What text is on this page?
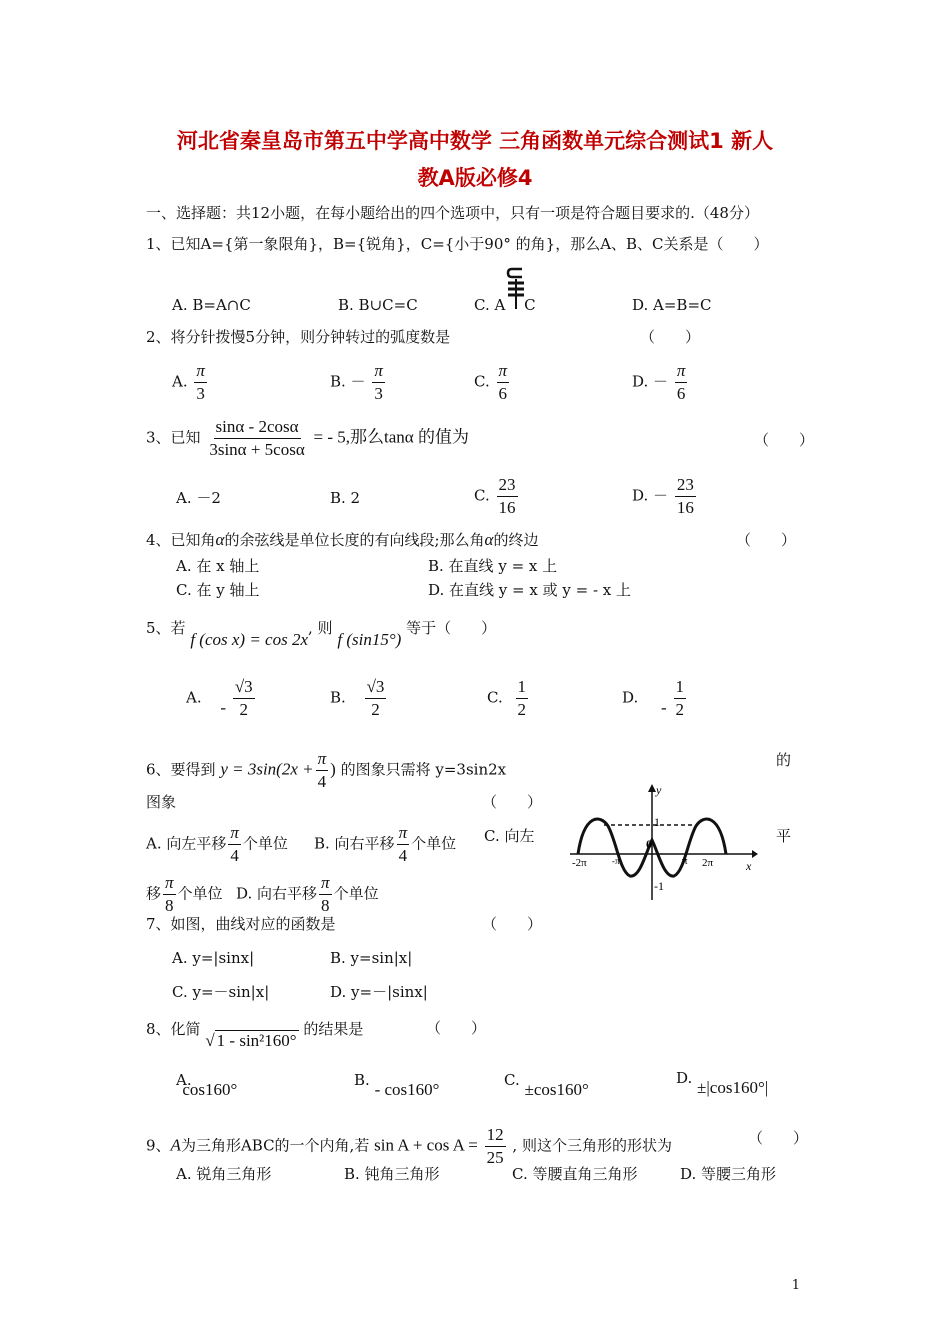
河北省秦皇岛市第五中学高中数学 三角函数单元综合测试1 新人
教A版必修4
一、选择题：共12小题，在每小题给出的四个选项中，只有一项是符合题目要求的.（48分）
1、已知A={第一象限角}，B={锐角}，C={小于90° 的角}，那么A、B、C关系是（　　）
A. B=A∩C	B. B∪C=C	C. A C	D. A=B=C
2、将分针拨慢5分钟，则分钟转过的弧度数是	（　　）
A. $\frac{\pi}{3}$	B. － $\frac{\pi}{3}$	C. $\frac{\pi}{6}$	D. － $\frac{\pi}{6}$
3、已知 $\frac{\sin\alpha - 2\cos\alpha}{3\sin\alpha + 5\cos\alpha}$ = - 5,那么tanα 的值为	（　　）
A. －2	B. 2	C. $\frac{23}{16}$	D. － $\frac{23}{16}$
4、已知角α的余弦线是单位长度的有向线段;那么角α的终边	（　　）
A. 在 x 轴上	B. 在直线 y = x 上
C. 在 y 轴上	D. 在直线 y = x 或 y = - x 上
5、若 f (cos x) = cos 2x, 则 f (sin15°) 等于（　　）
A. - $\frac{√3}{2}$	B. $\frac{√3}{2}$	C. $\frac{1}{2}$	D. - $\frac{1}{2}$
6、要得到 $y = 3\sin(2x + \frac{\pi}{4}$ ) 的图象只需将 y=3sin2x
的
图象	（　　）
A. 向左平移 $\frac{\pi}{4}$ 个单位 B. 向右平移 $\frac{\pi}{4}$ 个单位 C. 向左	平
移 $\frac{\pi}{8}$ 个单位 D. 向右平移 $\frac{\pi}{8}$ 个单位
y
x
1
-1
0
-2π	-π	π 2π
7、如图，曲线对应的函数是	（　　）
A. y=|sinx|	B. y=sin|x|
C. y=－sin|x|	D. y=－|sinx|
8、化简 √ 1 - sin²160° 的结果是	（　　）
A. cos160°	B. - cos160°	C. ±cos160°
D. ±|cos160°|
9、A为三角形ABC的一个内角,若 $\sin A + \cos A = \frac{12}{25}$ , 则这个三角形的形状为	（　　）
A. 锐角三角形	B. 钝角三角形	C. 等腰直角三角形	D. 等腰三角形
1
